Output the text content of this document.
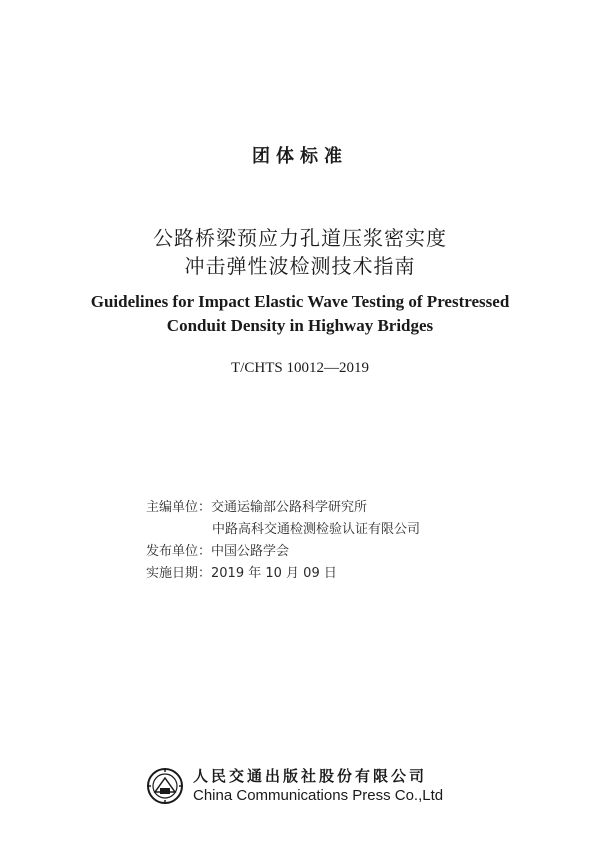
团体标准
公路桥梁预应力孔道压浆密实度
冲击弹性波检测技术指南
Guidelines for Impact Elastic Wave Testing of Prestressed
Conduit Density in Highway Bridges
T/CHTS 10012—2019
主编单位：交通运输部公路科学研究所
中路高科交通检测检验认证有限公司
发布单位：中国公路学会
实施日期：2019 年 10 月 09 日
人民交通出版社股份有限公司
China Communications Press Co.,Ltd
